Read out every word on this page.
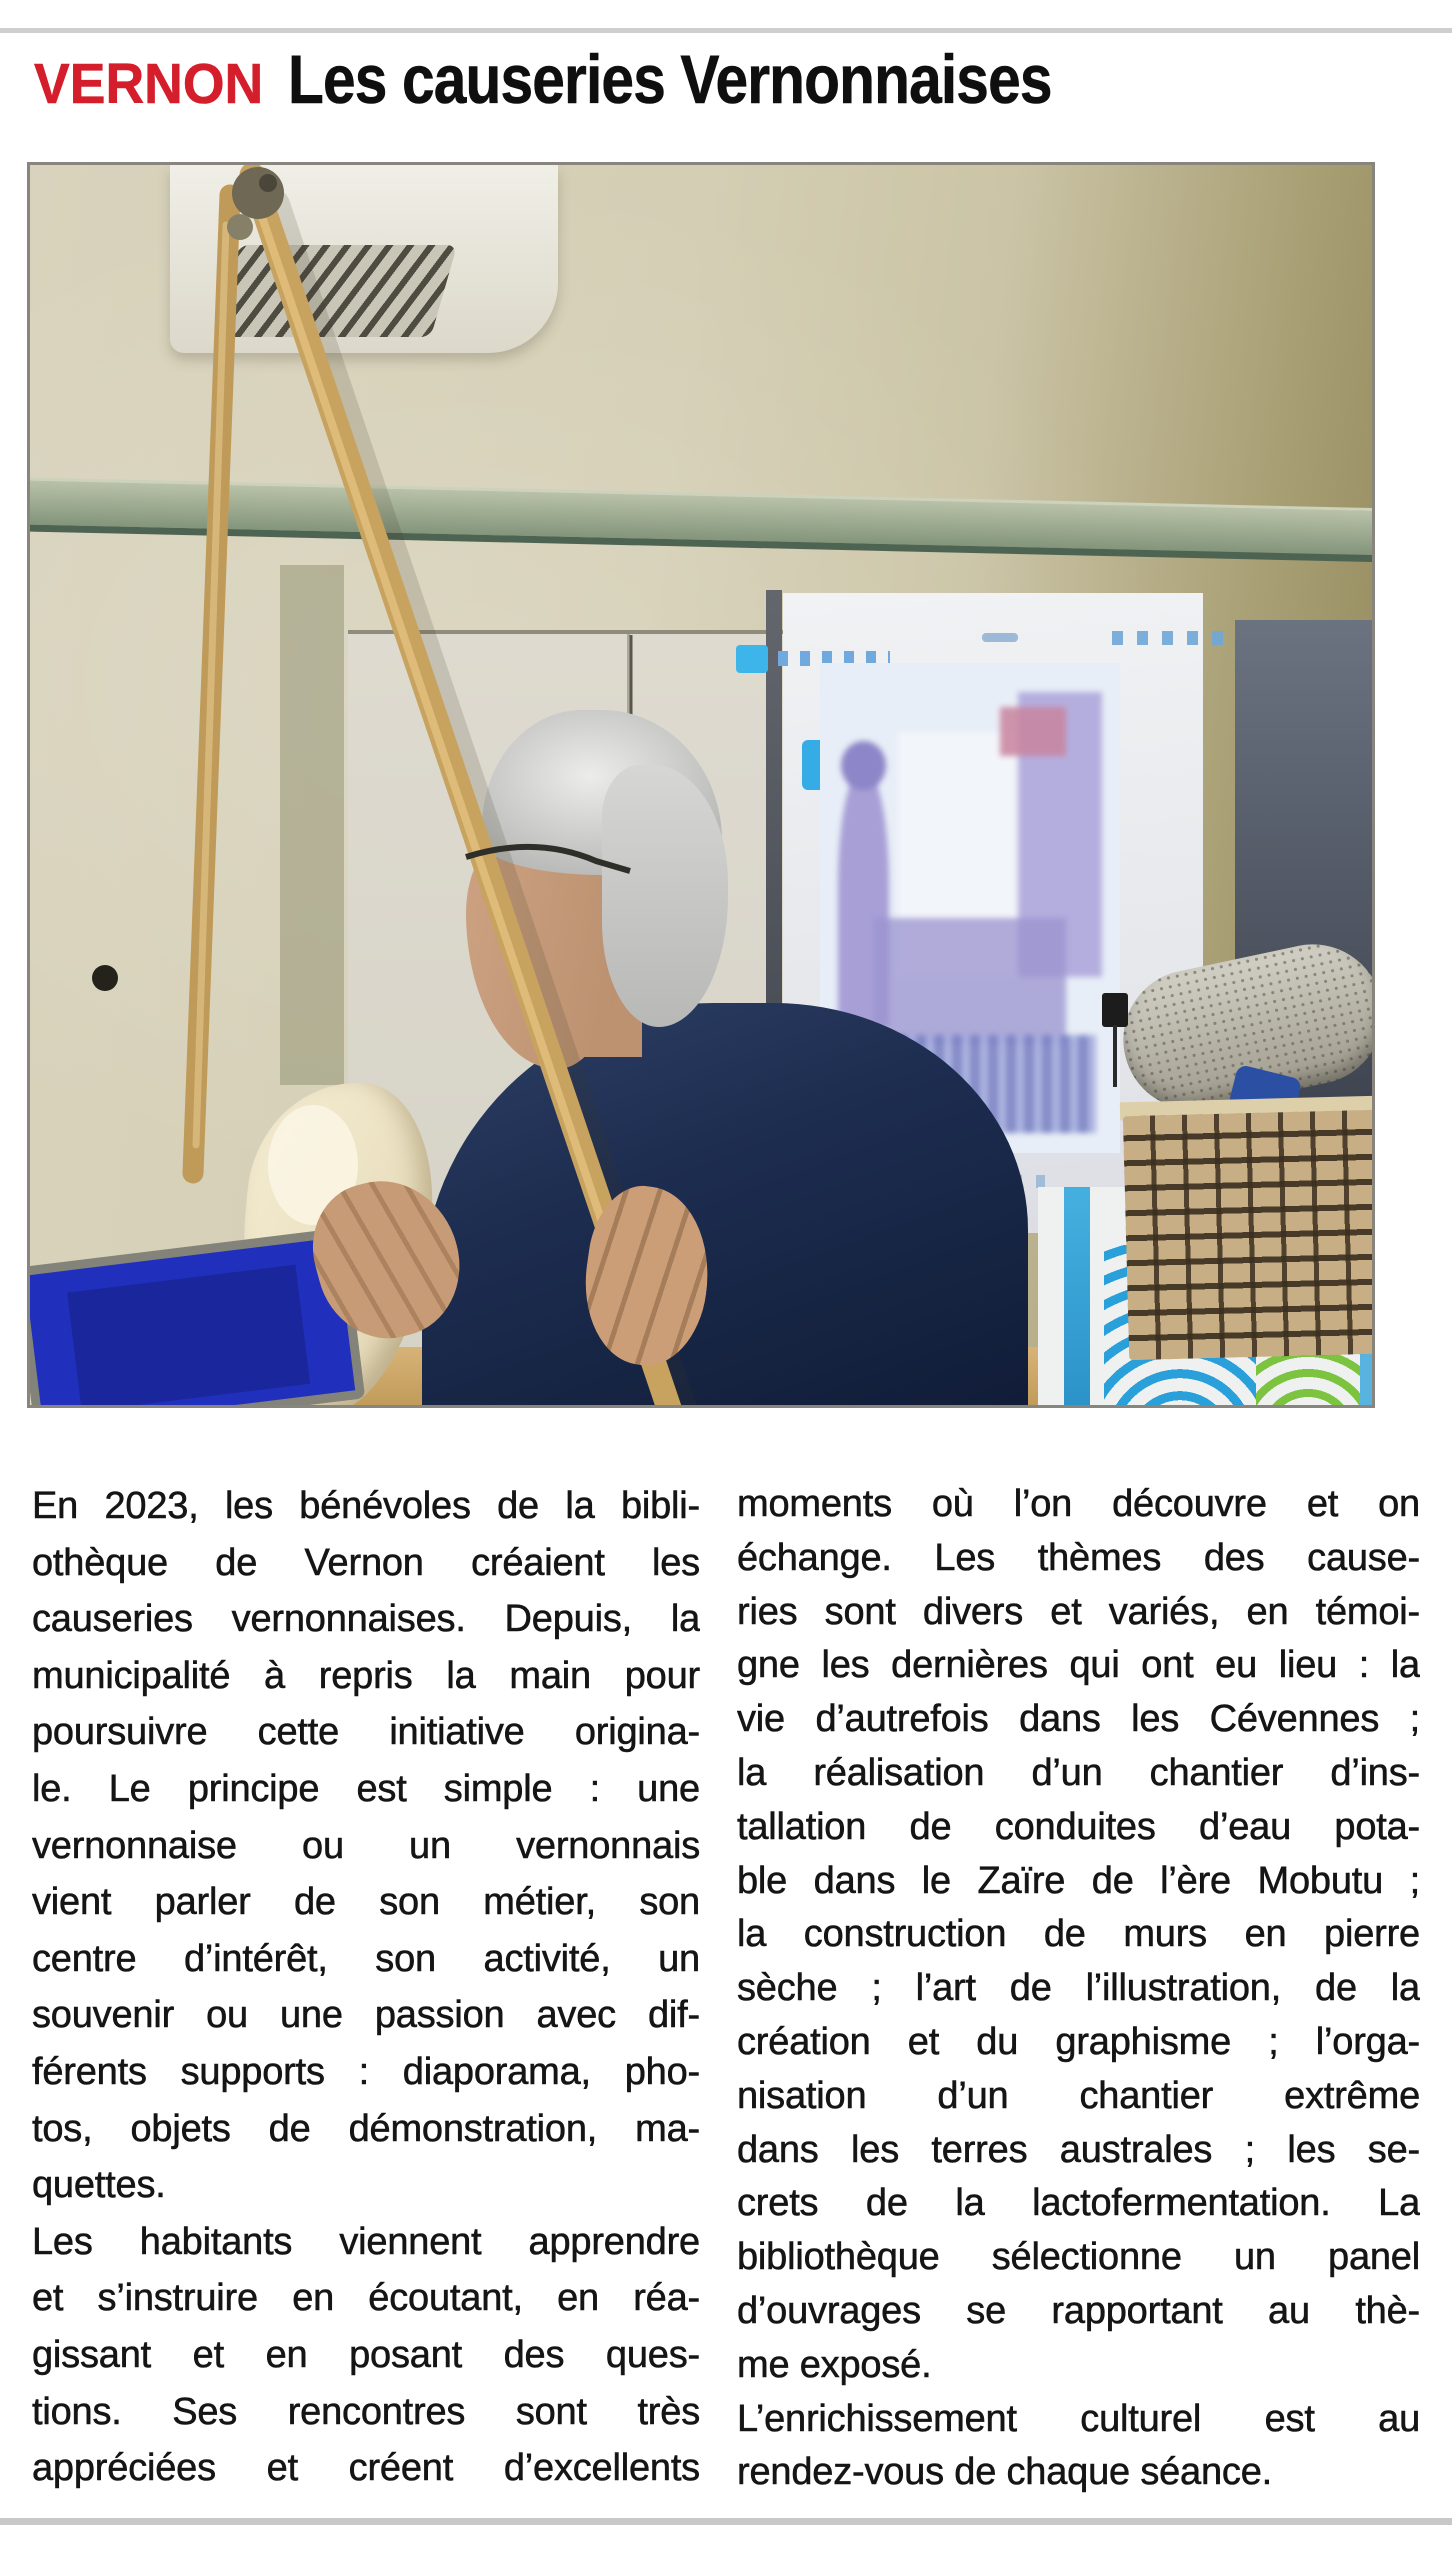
VERNON Les causeries Vernonnaises
En 2023, les bénévoles de la bibli-
othèque de Vernon créaient les
causeries vernonnaises. Depuis, la
municipalité à repris la main pour
poursuivre cette initiative origina-
le. Le principe est simple : une
vernonnaise ou un vernonnais
vient parler de son métier, son
centre d’intérêt, son activité, un
souvenir ou une passion avec dif-
férents supports : diaporama, pho-
tos, objets de démonstration, ma-
quettes.
Les habitants viennent apprendre
et s’instruire en écoutant, en réa-
gissant et en posant des ques-
tions. Ses rencontres sont très
appréciées et créent d’excellents
moments où l’on découvre et on
échange. Les thèmes des cause-
ries sont divers et variés, en témoi-
gne les dernières qui ont eu lieu : la
vie d’autrefois dans les Cévennes ;
la réalisation d’un chantier d’ins-
tallation de conduites d’eau pota-
ble dans le Zaïre de l’ère Mobutu ;
la construction de murs en pierre
sèche ; l’art de l’illustration, de la
création et du graphisme ; l’orga-
nisation d’un chantier extrême
dans les terres australes ; les se-
crets de la lactofermentation. La
bibliothèque sélectionne un panel
d’ouvrages se rapportant au thè-
me exposé.
L’enrichissement culturel est au
rendez-vous de chaque séance.
